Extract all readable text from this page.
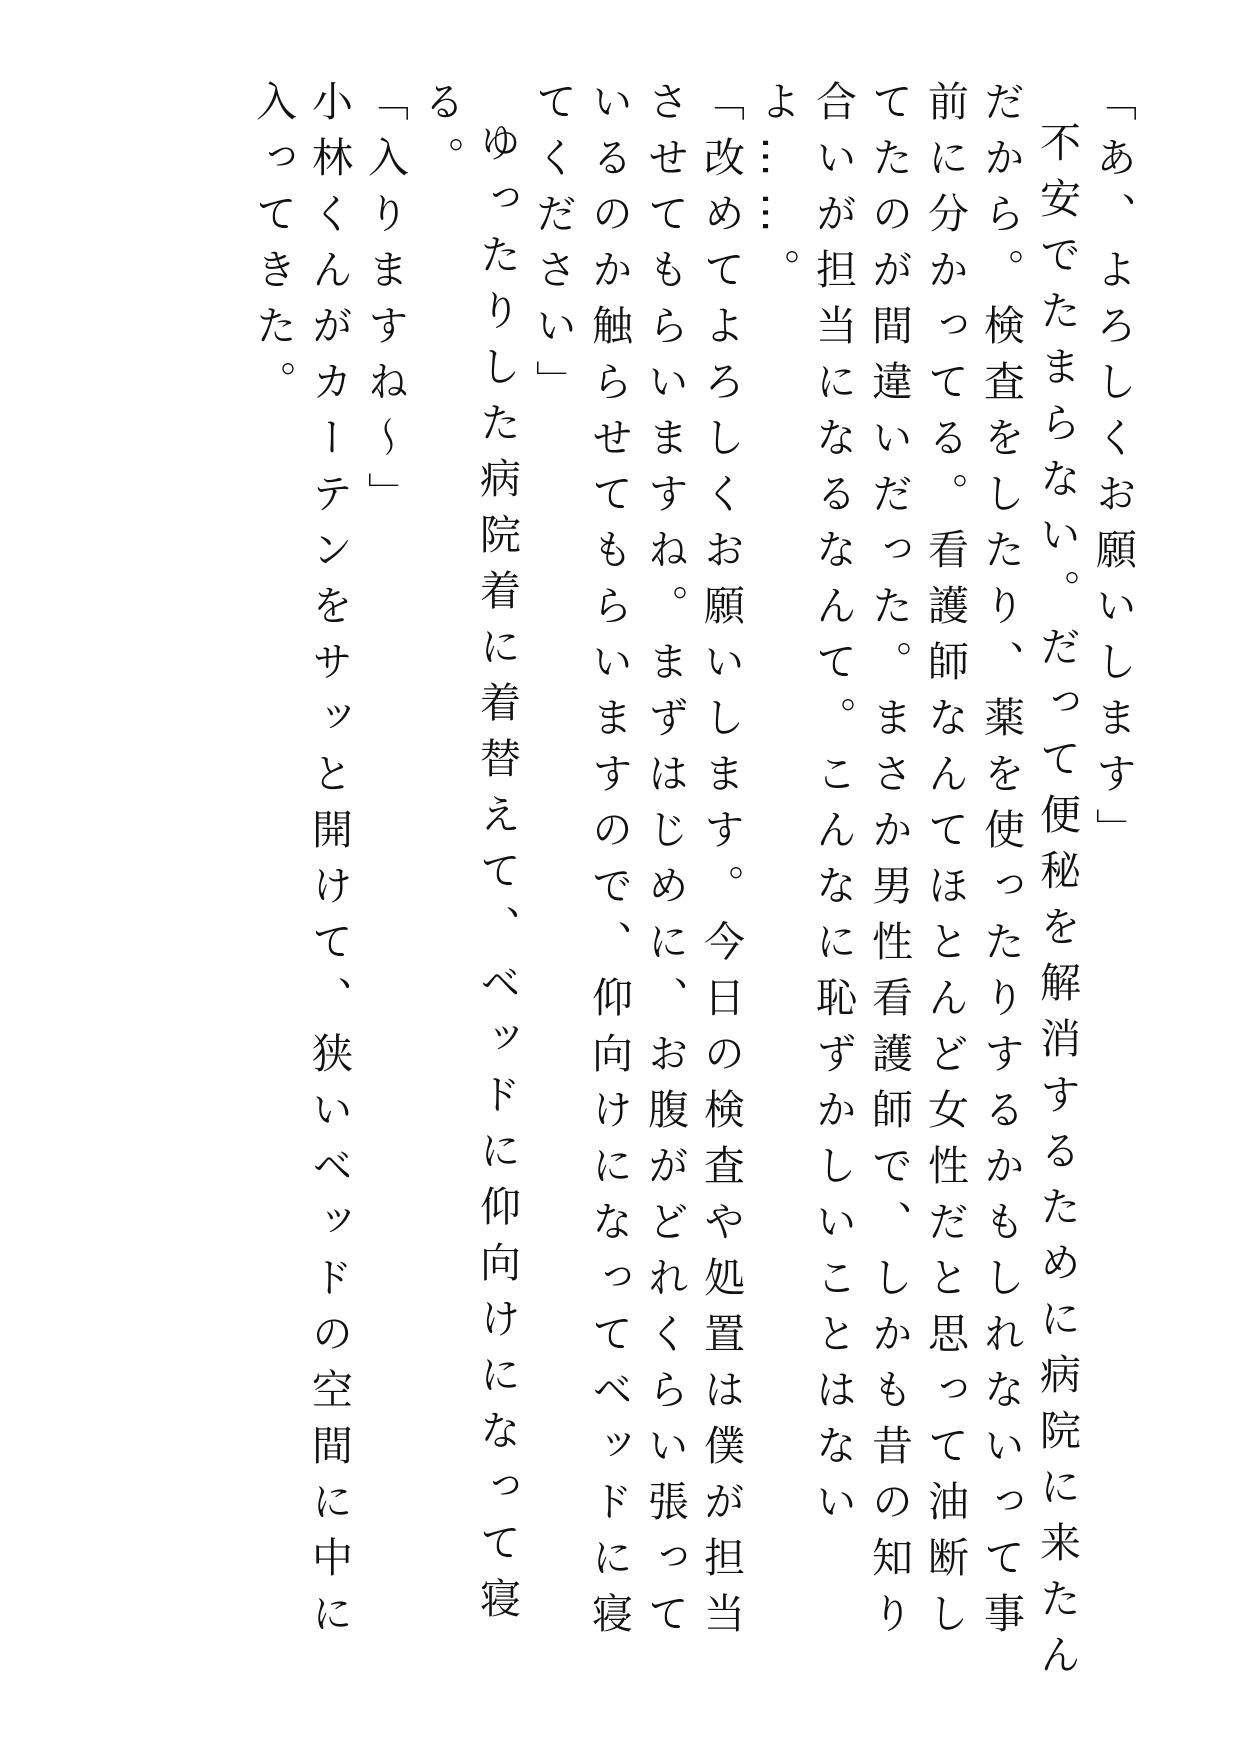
「あ、よろしくお願いします」

不安でたまらない。だって便秘を解消するために病院に来たんだから。検査をしたり、薬を使ったりするかもしれないって事前に分かってる。看護師なんてほとんど女性だと思って油断してたのが間違いだった。まさか男性看護師で、しかも昔の知り合いが担当になるなんて。こんなに恥ずかしいことはないよ……。

「改めてよろしくお願いします。今日の検査や処置は僕が担当させてもらいますね。まずはじめに、お腹がどれくらい張っているのか触らせてもらいますので、仰向けになってベッドに寝てください」

ゆったりした病院着に着替えて、ベッドに仰向けになって寝る。

「入りますね〜」

小林くんがカーテンをサッと開けて、狭いベッドの空間に中に入ってきた。
